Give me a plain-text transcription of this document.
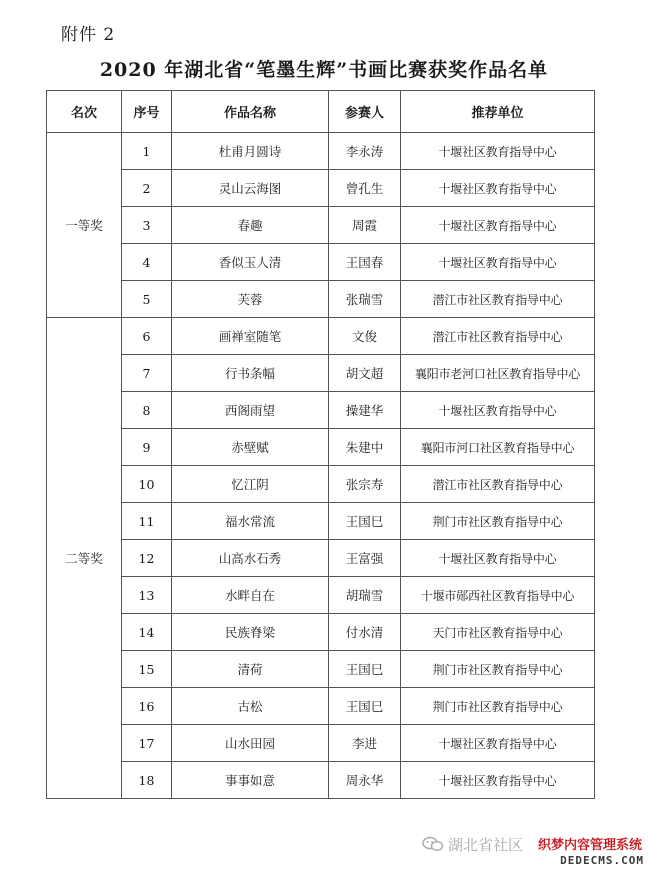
附件 2
2020 年湖北省“笔墨生辉”书画比赛获奖作品名单
名次	序号	作品名称	参赛人	推荐单位
一等奖	1	杜甫月圆诗	李永涛	十堰社区教育指导中心
	2	灵山云海图	曾孔生	十堰社区教育指导中心
	3	春趣	周霞	十堰社区教育指导中心
	4	香似玉人清	王国春	十堰社区教育指导中心
	5	芙蓉	张瑞雪	潜江市社区教育指导中心
二等奖	6	画禅室随笔	文俊	潜江市社区教育指导中心
	7	行书条幅	胡文超	襄阳市老河口社区教育指导中心
	8	西阁雨望	操建华	十堰社区教育指导中心
	9	赤壁赋	朱建中	襄阳市河口社区教育指导中心
	10	忆江阴	张宗寿	潜江市社区教育指导中心
	11	福水常流	王国巳	荆门市社区教育指导中心
	12	山高水石秀	王富强	十堰社区教育指导中心
	13	水畔自在	胡瑞雪	十堰市郧西社区教育指导中心
	14	民族脊梁	付水清	天门市社区教育指导中心
	15	清荷	王国巳	荆门市社区教育指导中心
	16	古松	王国巳	荆门市社区教育指导中心
	17	山水田园	李进	十堰社区教育指导中心
	18	事事如意	周永华	十堰社区教育指导中心
湖北省社区	织梦内容管理系统
DEDECMS.COM
